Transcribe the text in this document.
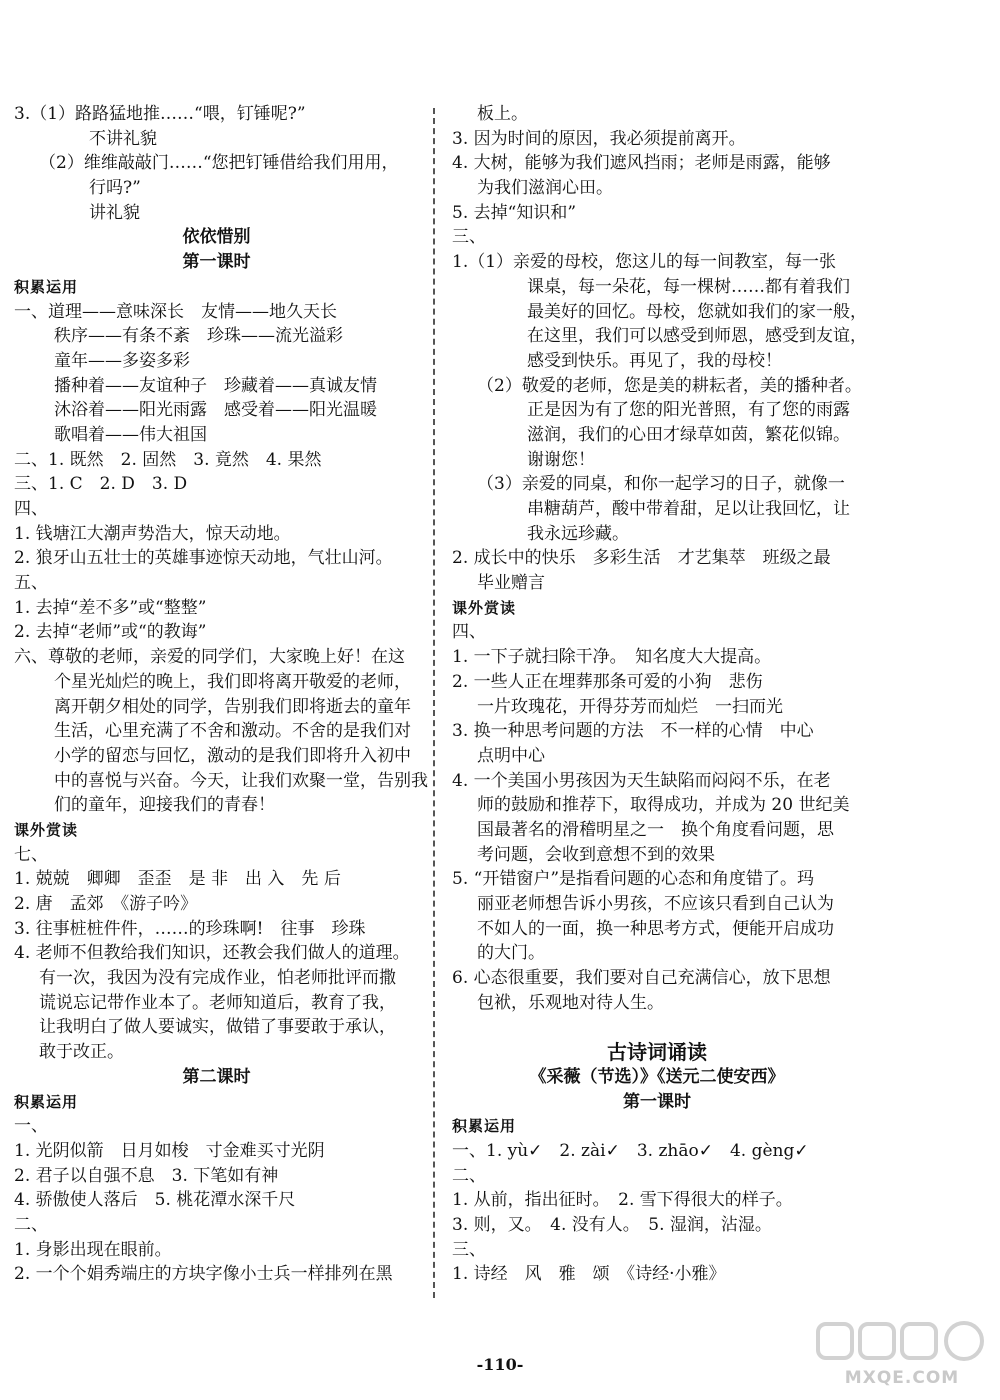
3.（1）路路猛地推……“喂，钉锤呢?”
不讲礼貌
（2）维维敲敲门……“您把钉锤借给我们用用，
行吗?”
讲礼貌
依依惜别
第一课时
积累运用
一、道理——意味深长　友情——地久天长
秩序——有条不紊　珍珠——流光溢彩
童年——多姿多彩
播种着——友谊种子　珍藏着——真诚友情
沐浴着——阳光雨露　感受着——阳光温暖
歌唱着——伟大祖国
二、1. 既然　2. 固然　3. 竟然　4. 果然
三、1. C　2. D　3. D
四、
1. 钱塘江大潮声势浩大，惊天动地。
2. 狼牙山五壮士的英雄事迹惊天动地，气壮山河。
五、
1. 去掉“差不多”或“整整”
2. 去掉“老师”或“的教诲”
六、尊敬的老师，亲爱的同学们，大家晚上好！在这
个星光灿烂的晚上，我们即将离开敬爱的老师，
离开朝夕相处的同学，告别我们即将逝去的童年
生活，心里充满了不舍和激动。不舍的是我们对
小学的留恋与回忆，激动的是我们即将升入初中
中的喜悦与兴奋。今天，让我们欢聚一堂，告别我
们的童年，迎接我们的青春！
课外赏读
七、
1. 兢兢　卿卿　歪歪　是 非　出 入　先 后
2. 唐　孟郊　《游子吟》
3. 往事桩桩件件，……的珍珠啊!　往事　珍珠
4. 老师不但教给我们知识，还教会我们做人的道理。
有一次，我因为没有完成作业，怕老师批评而撒
谎说忘记带作业本了。老师知道后，教育了我，
让我明白了做人要诚实，做错了事要敢于承认，
敢于改正。
第二课时
积累运用
一、
1. 光阴似箭　日月如梭　寸金难买寸光阴
2. 君子以自强不息　3. 下笔如有神
4. 骄傲使人落后　5. 桃花潭水深千尺
二、
1. 身影出现在眼前。
2. 一个个娟秀端庄的方块字像小士兵一样排列在黑
板上。
3. 因为时间的原因，我必须提前离开。
4. 大树，能够为我们遮风挡雨；老师是雨露，能够
为我们滋润心田。
5. 去掉“知识和”
三、
1.（1）亲爱的母校，您这儿的每一间教室，每一张
课桌，每一朵花，每一棵树……都有着我们
最美好的回忆。母校，您就如我们的家一般，
在这里，我们可以感受到师恩，感受到友谊，
感受到快乐。再见了，我的母校！
（2）敬爱的老师，您是美的耕耘者，美的播种者。
正是因为有了您的阳光普照，有了您的雨露
滋润，我们的心田才绿草如茵，繁花似锦。
谢谢您！
（3）亲爱的同桌，和你一起学习的日子，就像一
串糖葫芦，酸中带着甜，足以让我回忆，让
我永远珍藏。
2. 成长中的快乐　多彩生活　才艺集萃　班级之最
毕业赠言
课外赏读
四、
1. 一下子就扫除干净。　知名度大大提高。
2. 一些人正在埋葬那条可爱的小狗　悲伤
一片玫瑰花，开得芬芳而灿烂　一扫而光
3. 换一种思考问题的方法　不一样的心情　中心
点明中心
4. 一个美国小男孩因为天生缺陷而闷闷不乐，在老
师的鼓励和推荐下，取得成功，并成为 20 世纪美
国最著名的滑稽明星之一　换个角度看问题，思
考问题，会收到意想不到的效果
5. “开错窗户”是指看问题的心态和角度错了。玛
丽亚老师想告诉小男孩，不应该只看到自己认为
不如人的一面，换一种思考方式，便能开启成功
的大门。
6. 心态很重要，我们要对自己充满信心，放下思想
包袱，乐观地对待人生。
古诗词诵读
《采薇（节选）》《送元二使安西》
第一课时
积累运用
一、1. yù✓　2. zài✓　3. zhāo✓　4. gèng✓
二、
1. 从前，指出征时。　2. 雪下得很大的样子。
3. 则，又。　4. 没有人。　5. 湿润，沾湿。
三、
1. 诗经　风　雅　颂　《诗经·小雅》
-110-
MXQE.COM
